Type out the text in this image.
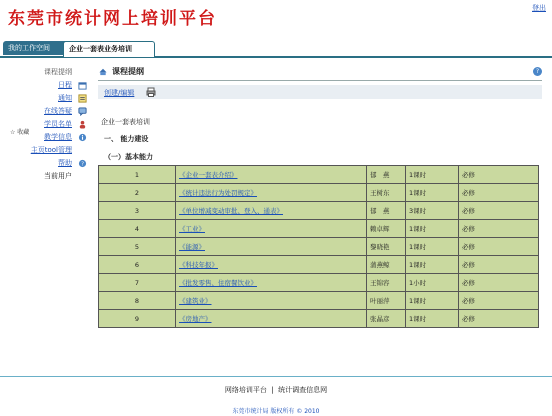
东莞市统计网上培训平台
登出
我的工作空间	企业一套表业务培训
课程提纲
日程
通知
在线答疑
学员名单
教学信息
主页tool管理
帮助 ?
当前用户
☆ 收藏
课程提纲	?
创建/编辑
企业一套表培训
一、 能力建设
（一）基本能力
1	《企业一套表介绍》	郁　燕	1课时	必修
2	《统计违法行为处罚规定》	王树东	1课时	必修
3	《单位增减变动审批、登入、通表》	郁　燕	3课时	必修
4	《工业》	赖卓辉	1课时	必修
5	《能源》	黎晓艳	1课时	必修
6	《科技年报》	蒲燕鲸	1课时	必修
7	《批发零售、住宿餐饮业》	王锦容	1小时	必修
8	《建筑业》	叶丽萍	1课时	必修
9	《房地产》	张晶彦	1课时	必修
网络培训平台 | 统计调查信息网
东莞市统计局 版权所有 © 2010
